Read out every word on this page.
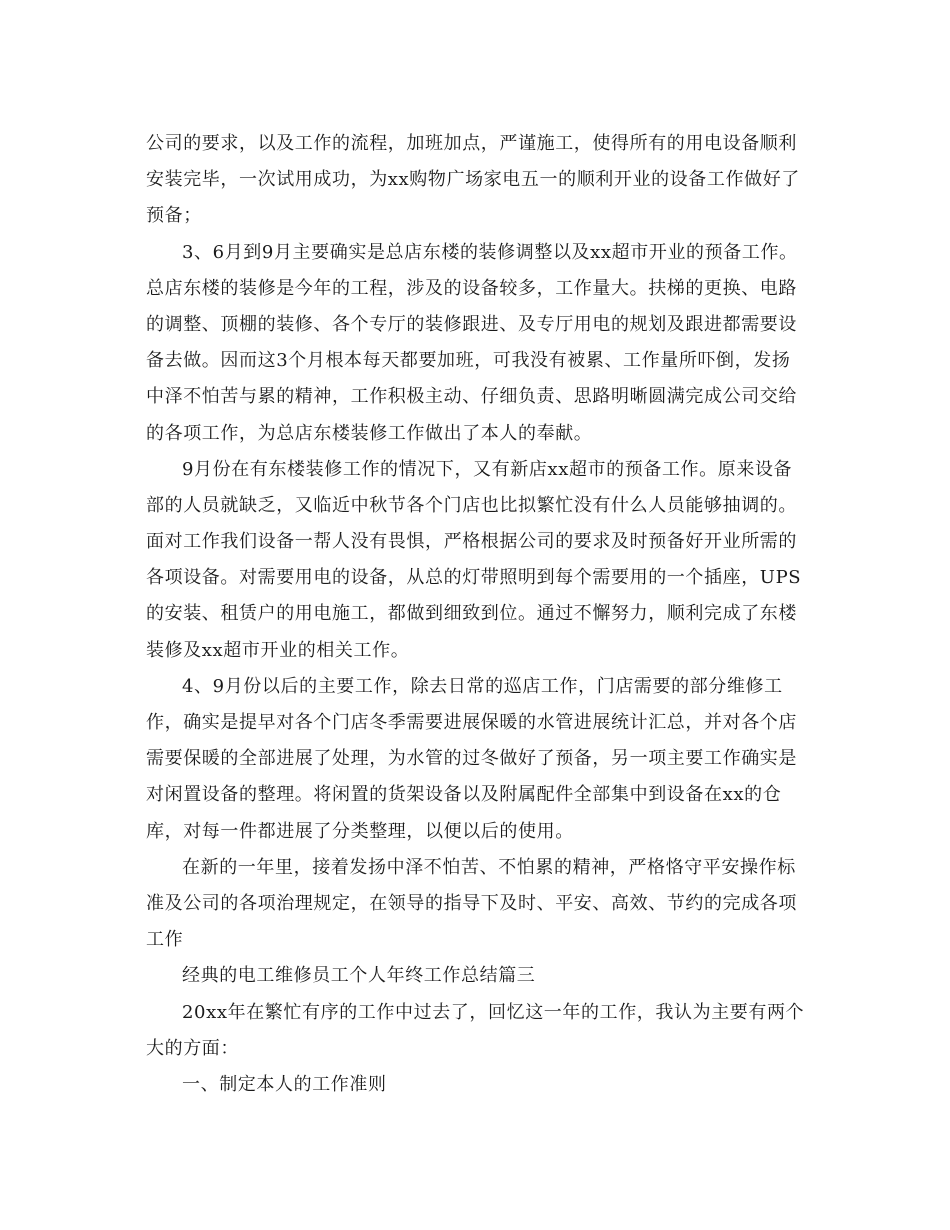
公司的要求，以及工作的流程，加班加点，严谨施工，使得所有的用电设备顺利
安装完毕，一次试用成功，为xx购物广场家电五一的顺利开业的设备工作做好了
预备；
3、6月到9月主要确实是总店东楼的装修调整以及xx超市开业的预备工作。
总店东楼的装修是今年的工程，涉及的设备较多，工作量大。扶梯的更换、电路
的调整、顶棚的装修、各个专厅的装修跟进、及专厅用电的规划及跟进都需要设
备去做。因而这3个月根本每天都要加班，可我没有被累、工作量所吓倒，发扬
中泽不怕苦与累的精神，工作积极主动、仔细负责、思路明晰圆满完成公司交给
的各项工作，为总店东楼装修工作做出了本人的奉献。
9月份在有东楼装修工作的情况下，又有新店xx超市的预备工作。原来设备
部的人员就缺乏，又临近中秋节各个门店也比拟繁忙没有什么人员能够抽调的。
面对工作我们设备一帮人没有畏惧，严格根据公司的要求及时预备好开业所需的
各项设备。对需要用电的设备，从总的灯带照明到每个需要用的一个插座，UPS
的安装、租赁户的用电施工，都做到细致到位。通过不懈努力，顺利完成了东楼
装修及xx超市开业的相关工作。
4、9月份以后的主要工作，除去日常的巡店工作，门店需要的部分维修工
作，确实是提早对各个门店冬季需要进展保暖的水管进展统计汇总，并对各个店
需要保暖的全部进展了处理，为水管的过冬做好了预备，另一项主要工作确实是
对闲置设备的整理。将闲置的货架设备以及附属配件全部集中到设备在xx的仓
库，对每一件都进展了分类整理，以便以后的使用。
在新的一年里，接着发扬中泽不怕苦、不怕累的精神，严格恪守平安操作标
准及公司的各项治理规定，在领导的指导下及时、平安、高效、节约的完成各项
工作
经典的电工维修员工个人年终工作总结篇三
20xx年在繁忙有序的工作中过去了，回忆这一年的工作，我认为主要有两个
大的方面：
一、制定本人的工作准则
